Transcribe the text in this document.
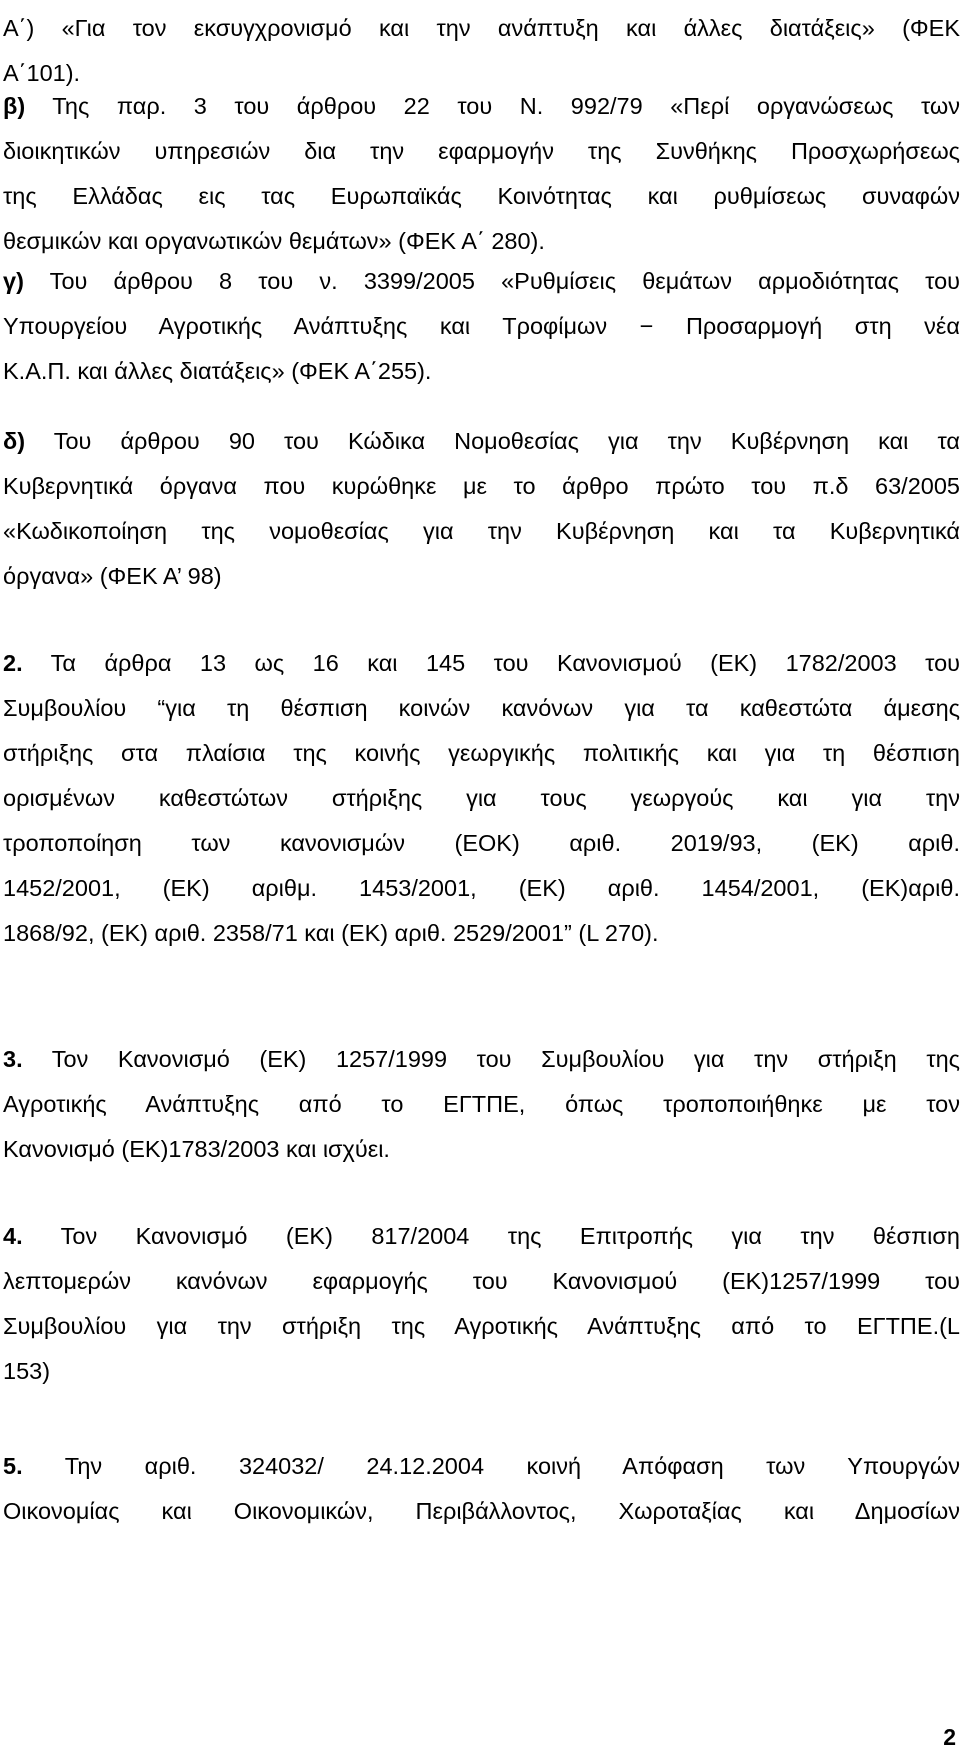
Α΄) «Για τον εκσυγχρονισμό και την ανάπτυξη και άλλες διατάξεις» (ΦΕΚ
Α΄101).
β) Της παρ. 3 του άρθρου 22 του Ν. 992/79 «Περί οργανώσεως των
διοικητικών υπηρεσιών δια την εφαρμογήν της Συνθήκης Προσχωρήσεως
της Ελλάδας εις τας Ευρωπαϊκάς Κοινότητας και ρυθμίσεως συναφών
θεσμικών και οργανωτικών θεμάτων» (ΦΕΚ Α΄ 280).
γ) Του άρθρου 8 του ν. 3399/2005 «Ρυθμίσεις θεμάτων αρμοδιότητας του
Υπουργείου Αγροτικής Ανάπτυξης και Τροφίμων − Προσαρμογή στη νέα
Κ.Α.Π. και άλλες διατάξεις» (ΦΕΚ Α΄255).
δ) Του άρθρου 90 του Κώδικα Νομοθεσίας για την Κυβέρνηση και τα
Κυβερνητικά όργανα που κυρώθηκε με το άρθρο πρώτο του π.δ 63/2005
«Κωδικοποίηση της νομοθεσίας για την Κυβέρνηση και τα Κυβερνητικά
όργανα» (ΦΕΚ Α’ 98)
2. Τα άρθρα 13 ως 16 και 145 του Κανονισμού (ΕΚ) 1782/2003 του
Συμβουλίου “για τη θέσπιση κοινών κανόνων για τα καθεστώτα άμεσης
στήριξης στα πλαίσια της κοινής γεωργικής πολιτικής και για τη θέσπιση
ορισμένων καθεστώτων στήριξης για τους γεωργούς και για την
τροποποίηση των κανονισμών (ΕΟΚ) αριθ. 2019/93, (ΕΚ) αριθ.
1452/2001, (ΕΚ) αριθμ. 1453/2001, (ΕΚ) αριθ. 1454/2001, (ΕΚ)αριθ.
1868/92, (ΕΚ) αριθ. 2358/71 και (ΕΚ) αριθ. 2529/2001” (L 270).
3. Τον Κανονισμό (ΕΚ) 1257/1999 του Συμβουλίου για την στήριξη της
Αγροτικής Ανάπτυξης από το ΕΓΤΠΕ, όπως τροποποιήθηκε με τον
Κανονισμό (ΕΚ)1783/2003 και ισχύει.
4. Τον Κανονισμό (ΕΚ) 817/2004 της Επιτροπής για την θέσπιση
λεπτομερών κανόνων εφαρμογής του Κανονισμού (ΕΚ)1257/1999 του
Συμβουλίου για την στήριξη της Αγροτικής Ανάπτυξης από το ΕΓΤΠΕ.(L
153)
5. Την αριθ. 324032/ 24.12.2004 κοινή Απόφαση των Υπουργών
Οικονομίας και Οικονομικών, Περιβάλλοντος, Χωροταξίας και Δημοσίων
2
